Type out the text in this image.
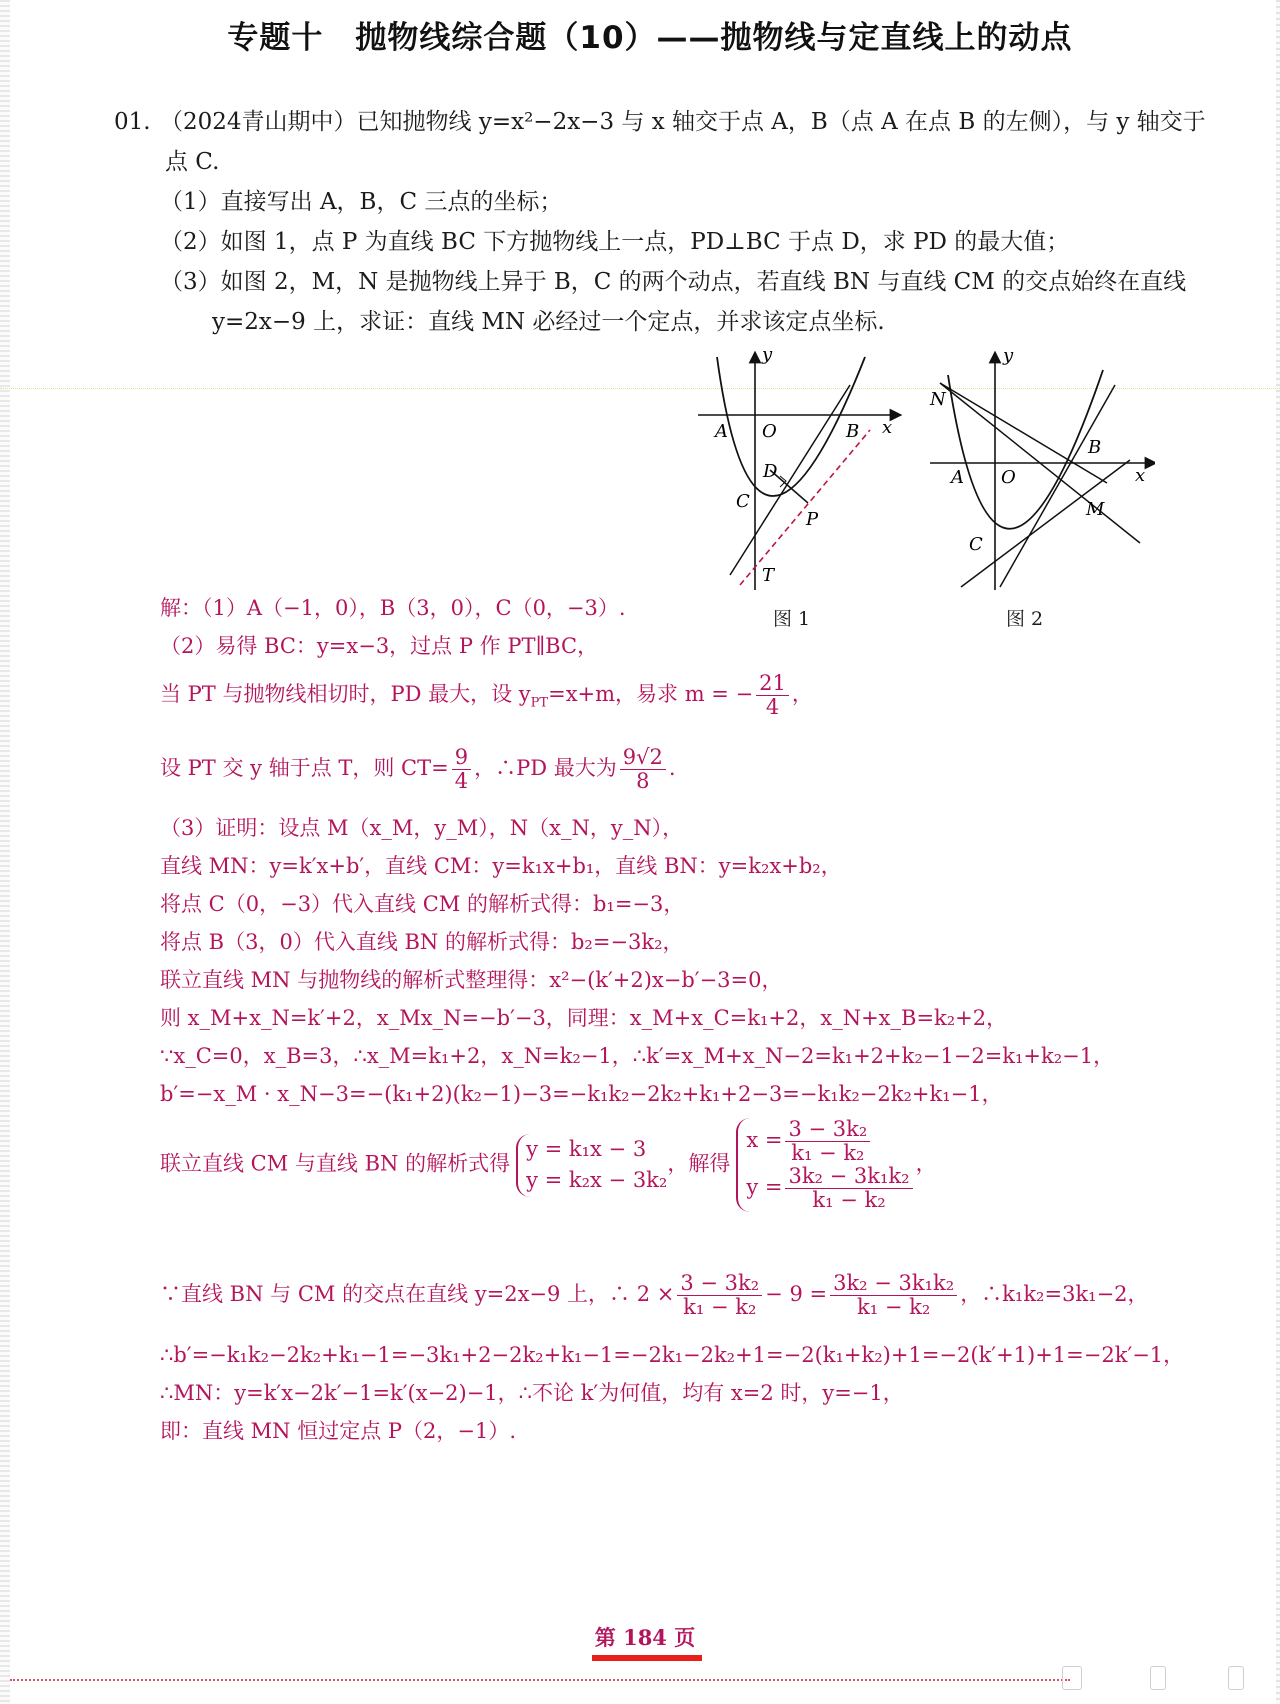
专题十　抛物线综合题（10）——抛物线与定直线上的动点
01. （2024青山期中）已知抛物线 y=x²−2x−3 与 x 轴交于点 A，B（点 A 在点 B 的左侧），与 y 轴交于
点 C.
（1）直接写出 A，B，C 三点的坐标；
（2）如图 1，点 P 为直线 BC 下方抛物线上一点，PD⊥BC 于点 D，求 PD 的最大值；
（3）如图 2，M，N 是抛物线上异于 B，C 的两个动点，若直线 BN 与直线 CM 的交点始终在直线
y=2x−9 上，求证：直线 MN 必经过一个定点，并求该定点坐标.
y
x
O
A	B
C
D
P
T
图 1
y
x
O
A
B
C
M
N
图 2
解：（1）A（−1，0），B（3，0），C（0，−3）.
（2）易得 BC：y=x−3，过点 P 作 PT∥BC，
当 PT 与抛物线相切时，PD 最大，设 $y_{PT}=x+m$，易求 m = − $\frac{21}{4}$ ，
设 PT 交 y 轴于点 T，则 $CT= \frac{9}{4}$ ，∴PD 最大为 $\frac{9√2}{8}$ .
（3）证明：设点 M（x_M，y_M），N（x_N，y_N），
直线 MN：y=k′x+b′，直线 CM：y=k₁x+b₁，直线 BN：y=k₂x+b₂，
将点 C（0，−3）代入直线 CM 的解析式得：b₁=−3，
将点 B（3，0）代入直线 BN 的解析式得：b₂=−3k₂，
联立直线 MN 与抛物线的解析式整理得：x²−(k′+2)x−b′−3=0，
则 x_M+x_N=k′+2，x_Mx_N=−b′−3，同理：x_M+x_C=k₁+2，x_N+x_B=k₂+2，
∵x_C=0，x_B=3，∴x_M=k₁+2，x_N=k₂−1，∴k′=x_M+x_N−2=k₁+2+k₂−1−2=k₁+k₂−1，
b′=−x_M · x_N−3=−(k₁+2)(k₂−1)−3=−k₁k₂−2k₂+k₁+2−3=−k₁k₂−2k₂+k₁−1，
联立直线 CM 与直线 BN 的解析式得
y = k₁x − 3
y = k₂x − 3k₂
，解得
$x = \frac{\text{3 − 3k₂}}{\text{k₁ − k₂}}$
$y = \frac{\text{3k₂ − 3k₁k₂}}{\text{k₁ − k₂}}$
，
∵直线 BN 与 CM 的交点在直线 y=2x−9 上，∴ $2 \times \frac{\text{3 − 3k₂}}{\text{k₁ − k₂}} - 9 = \frac{\text{3k₂ − 3k₁k₂}}{\text{k₁ − k₂}}$ ，∴k₁k₂=3k₁−2，
∴b′=−k₁k₂−2k₂+k₁−1=−3k₁+2−2k₂+k₁−1=−2k₁−2k₂+1=−2(k₁+k₂)+1=−2(k′+1)+1=−2k′−1，
∴MN：y=k′x−2k′−1=k′(x−2)−1，∴不论 k′为何值，均有 x=2 时，y=−1，
即：直线 MN 恒过定点 P（2，−1）.
第 184 页
